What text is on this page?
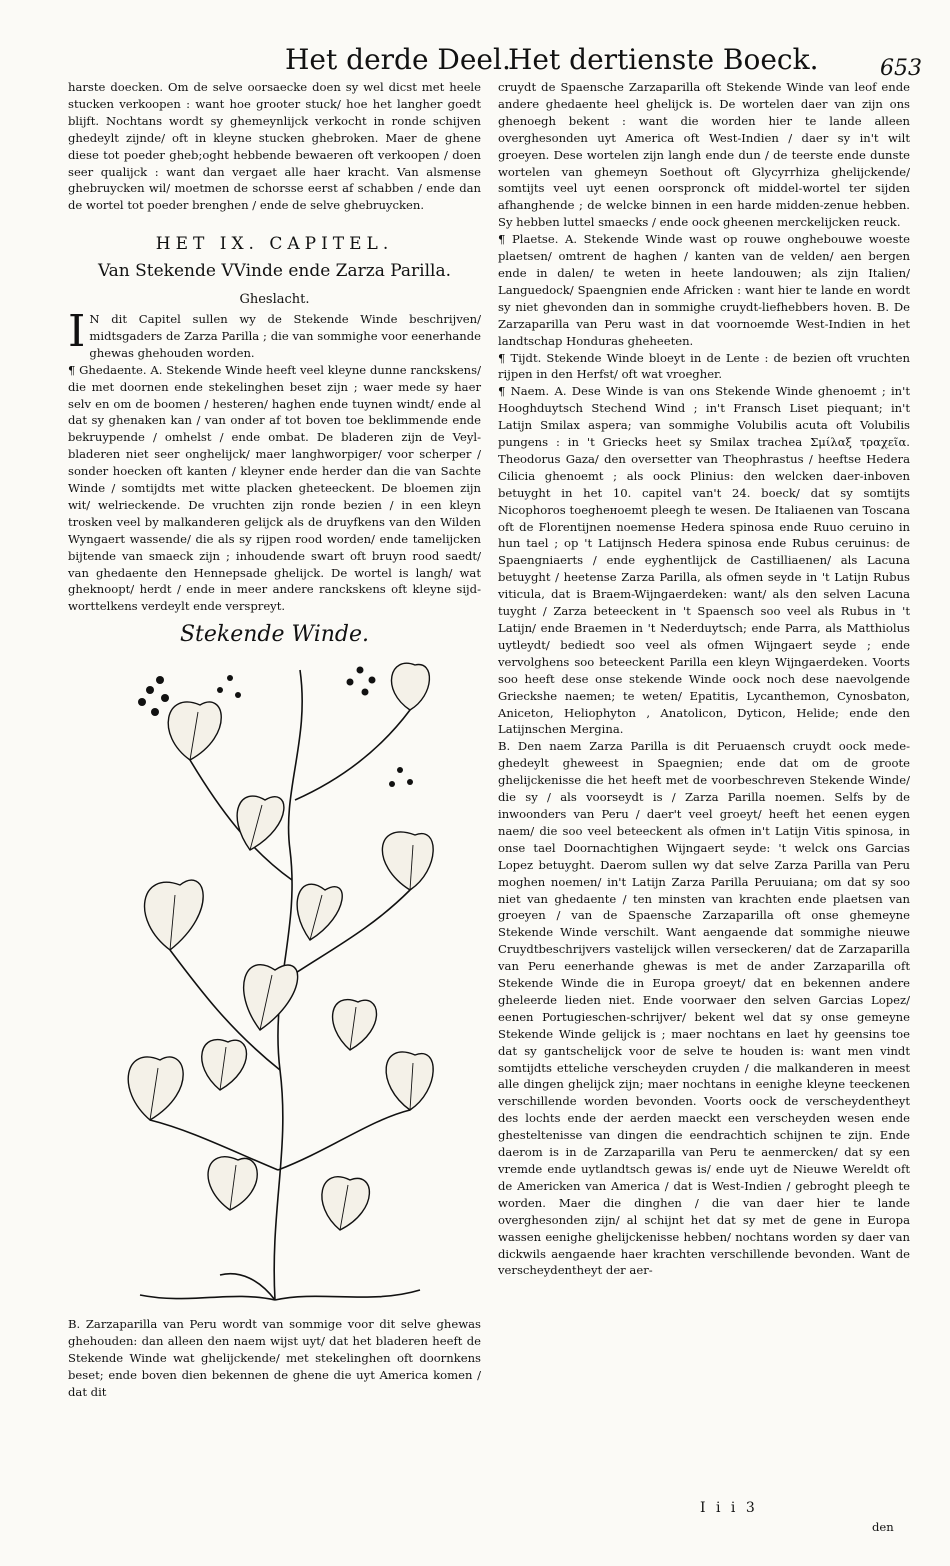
Het derde Deel.
Het dertienste Boeck.	653

harste doecken. Om de selve oorsaecke doen sy wel dicst met heele stucken verkoopen : want hoe grooter stuck/ hoe het langher goedt blijft. Nochtans wordt sy ghemeynlijck verkocht in ronde schijven ghedeylt zijnde/ oft in kleyne stucken ghebroken. Maer de ghene diese tot poeder gheb;oght hebbende bewaeren oft verkoopen / doen seer qualijck : want dan vergaet alle haer kracht. Van alsmense ghebruycken wil/ moetmen de schorsse eerst af schabben / ende dan de wortel tot poeder brenghen / ende de selve ghebruycken.

HET IX. CAPITEL.
Van Stekende VVinde ende Zarza Parilla.
Gheslacht.

I N dit Capitel sullen wy de Stekende Winde beschrijven/ midtsgaders de Zarza Parilla ; die van sommighe voor eenerhande ghewas ghehouden worden.

¶ Ghedaente. A. Stekende Winde heeft veel kleyne dunne ranckskens/ die met doornen ende stekelinghen beset zijn ; waer mede sy haer selv en om de boomen / hesteren/ haghen ende tuynen windt/ ende al dat sy ghenaken kan / van onder af tot boven toe beklimmende ende bekruypende / omhelst / ende ombat. De bladeren zijn de Veyl-bladeren niet seer onghelijck/ maer langhworpiger/ voor scherper / sonder hoecken oft kanten / kleyner ende herder dan die van Sachte Winde / somtijdts met witte placken gheteeckent. De bloemen zijn wit/ welrieckende. De vruchten zijn ronde bezien / in een kleyn trosken veel by malkanderen gelijck als de druyfkens van den Wilden Wyngaert wassende/ die als sy rijpen rood worden/ ende tamelijcken bijtende van smaeck zijn ; inhoudende swart oft bruyn rood saedt/ van ghedaente den Hennepsade ghelijck. De wortel is langh/ wat gheknoopt/ herdt / ende in meer andere ranckskens oft kleyne sijd-worttelkens verdeylt ende verspreyt.

Stekende Winde.

B. Zarzaparilla van Peru wordt van sommige voor dit selve ghewas ghehouden: dan alleen den naem wijst uyt/ dat het bladeren heeft de Stekende Winde wat ghelijckende/ met stekelinghen oft doornkens beset; ende boven dien bekennen de ghene die uyt America komen / dat dit

cruydt de Spaensche Zarzaparilla oft Stekende Winde van leof ende andere ghedaente heel ghelijck is. De wortelen daer van zijn ons ghenoegh bekent : want die worden hier te lande alleen overghesonden uyt America oft West-Indien / daer sy in't wilt groeyen. Dese wortelen zijn langh ende dun / de teerste ende dunste wortelen van ghemeyn Soethout oft Glycyrrhiza ghelijckende/ somtijts veel uyt eenen oorspronck oft middel-wortel ter sijden afhanghende ; de welcke binnen in een harde midden-zenue hebben. Sy hebben luttel smaecks / ende oock gheenen merckelijcken reuck.

¶ Plaetse. A. Stekende Winde wast op rouwe onghebouwe woeste plaetsen/ omtrent de haghen / kanten van de velden/ aen bergen ende in dalen/ te weten in heete landouwen; als zijn Italien/ Languedock/ Spaengnien ende Africken : want hier te lande en wordt sy niet ghevonden dan in sommighe cruydt-liefhebbers hoven. B. De Zarzaparilla van Peru wast in dat voornoemde West-Indien in het landtschap Honduras gheheeten.

¶ Tijdt. Stekende Winde bloeyt in de Lente : de bezien oft vruchten rijpen in den Herfst/ oft wat vroegher.

¶ Naem. A. Dese Winde is van ons Stekende Winde ghenoemt ; in't Hooghduytsch Stechend Wind ; in't Fransch Liset piequant; in't Latijn Smilax aspera; van sommighe Volubilis acuta oft Volubilis pungens : in 't Griecks heet sy Smilax trachea Σμίλαξ τραχεῖα. Theodorus Gaza/ den oversetter van Theophrastus / heeftse Hedera Cilicia ghenoemt ; als oock Plinius: den welcken daer-inboven betuyght in het 10. capitel van't 24. boeck/ dat sy somtijts Nicophoros toegheноemt pleegh te wesen. De Italiaenen van Toscana oft de Florentijnen noemense Hedera spinosa ende Ruuo ceruino in hun tael ; op 't Latijnsch Hedera spinosa ende Rubus ceruinus: de Spaengniaerts / ende eyghentlijck de Castilliaenen/ als Lacuna betuyght / heetense Zarza Parilla, als ofmen seyde in 't Latijn Rubus viticula, dat is Braem-Wijngaerdeken: want/ als den selven Lacuna tuyght / Zarza beteeckent in 't Spaensch soo veel als Rubus in 't Latijn/ ende Braemen in 't Nederduytsch; ende Parra, als Matthiolus uytleydt/ bediedt soo veel als ofmen Wijngaert seyde ; ende vervolghens soo beteeckent Parilla een kleyn Wijngaerdeken. Voorts soo heeft dese onse stekende Winde oock noch dese naevolgende Grieckshe naemen; te weten/ Epatitis, Lycanthemon, Cynosbaton, Aniceton, Heliophyton , Anatolicon, Dyticon, Helide; ende den Latijnschen Mergina.

B. Den naem Zarza Parilla is dit Peruaensch cruydt oock mede-ghedeylt gheweest in Spaegnien; ende dat om de groote ghelijckenisse die het heeft met de voorbeschreven Stekende Winde/ die sy / als voorseydt is / Zarza Parilla noemen. Selfs by de inwoonders van Peru / daer't veel groeyt/ heeft het eenen eygen naem/ die soo veel beteeckent als ofmen in't Latijn Vitis spinosa, in onse tael Doornachtighen Wijngaert seyde: 't welck ons Garcias Lopez betuyght. Daerom sullen wy dat selve Zarza Parilla van Peru moghen noemen/ in't Latijn Zarza Parilla Peruuiana; om dat sy soo niet van ghedaente / ten minsten van krachten ende plaetsen van groeyen / van de Spaensche Zarzaparilla oft onse ghemeyne Stekende Winde verschilt. Want aengaende dat sommighe nieuwe Cruydtbeschrijvers vastelijck willen verseckeren/ dat de Zarzaparilla van Peru eenerhande ghewas is met de ander Zarzaparilla oft Stekende Winde die in Europa groeyt/ dat en bekennen andere ghelеerde lieden niet. Ende voorwaer den selven Garcias Lopez/ eenen Portugieschen-schrijver/ bekent wel dat sy onse gemeyne Stekende Winde gelijck is ; maer nochtans en laet hy geensins toe dat sy gantschelijck voor de selve te houden is: want men vindt somtijdts etteliche verscheyden cruyden / die malkanderen in meest alle dingen ghelijck zijn; maer nochtans in eenighe kleyne teeckenen verschillende worden bevonden. Voorts oock de verscheydentheyt des lochts ende der aerden maeckt een verscheyden wesen ende ghesteltenisse van dingen die eendrachtich schijnen te zijn. Ende daerom is in de Zarzaparilla van Peru te aenmercken/ dat sy een vremde ende uytlandtsch gewas is/ ende uyt de Nieuwe Wereldt oft de Americken van America / dat is West-Indien / gebroght pleegh te worden. Maer die dinghen / die van daer hier te lande overghesonden zijn/ al schijnt het dat sy met de gene in Europa wassen eenighe ghelijckenisse hebben/ nochtans worden sy daer van dickwils aengaende haer krachten verschillende bevonden. Want de verscheydentheyt der aer-

I i i 3
den
